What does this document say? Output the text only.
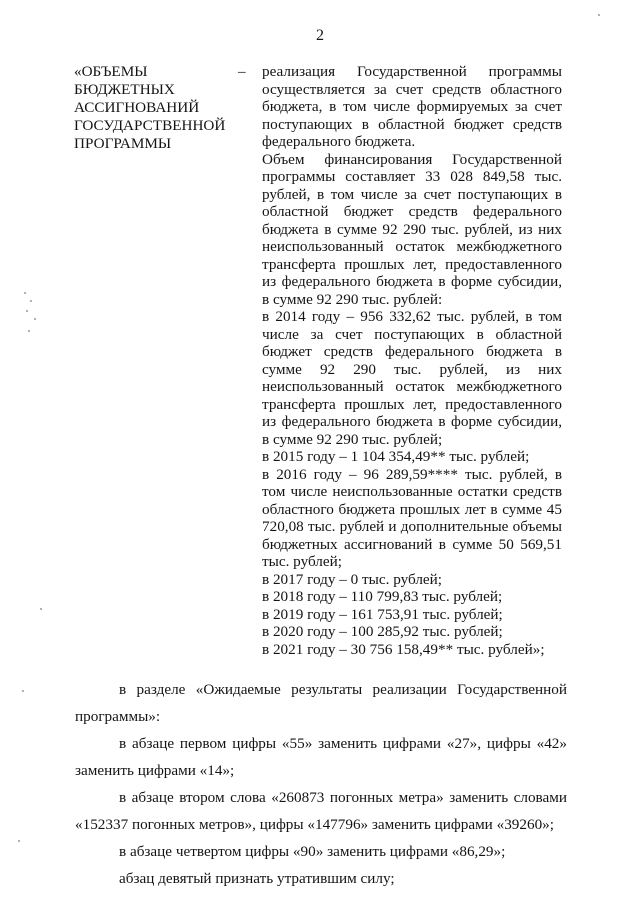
2
«ОБЪЕМЫ
БЮДЖЕТНЫХ
АССИГНОВАНИЙ
ГОСУДАРСТВЕННОЙ
ПРОГРАММЫ
– реализация Государственной программы осуществляется за счет средств областного бюджета, в том числе формируемых за счет поступающих в областной бюджет средств федерального бюджета.

Объем финансирования Государственной программы составляет 33 028 849,58 тыс. рублей, в том числе за счет поступающих в областной бюджет средств федерального бюджета в сумме 92 290 тыс. рублей, из них неиспользованный остаток межбюджетного трансферта прошлых лет, предоставленного из федерального бюджета в форме субсидии, в сумме 92 290 тыс. рублей:

в 2014 году – 956 332,62 тыс. рублей, в том числе за счет поступающих в областной бюджет средств федерального бюджета в сумме 92 290 тыс. рублей, из них неиспользованный остаток межбюджетного трансферта прошлых лет, предоставленного из федерального бюджета в форме субсидии, в сумме 92 290 тыс. рублей;

в 2015 году – 1 104 354,49** тыс. рублей;

в 2016 году – 96 289,59**** тыс. рублей, в том числе неиспользованные остатки средств областного бюджета прошлых лет в сумме 45 720,08 тыс. рублей и дополнительные объемы бюджетных ассигнований в сумме 50 569,51 тыс. рублей;

в 2017 году – 0 тыс. рублей;

в 2018 году – 110 799,83 тыс. рублей;

в 2019 году – 161 753,91 тыс. рублей;

в 2020 году – 100 285,92 тыс. рублей;

в 2021 году – 30 756 158,49** тыс. рублей»;

в разделе «Ожидаемые результаты реализации Государственной программы»:

в абзаце первом цифры «55» заменить цифрами «27», цифры «42» заменить цифрами «14»;

в абзаце втором слова «260873 погонных метра» заменить словами «152337 погонных метров», цифры «147796» заменить цифрами «39260»;

в абзаце четвертом цифры «90» заменить цифрами «86,29»;

абзац девятый признать утратившим силу;
